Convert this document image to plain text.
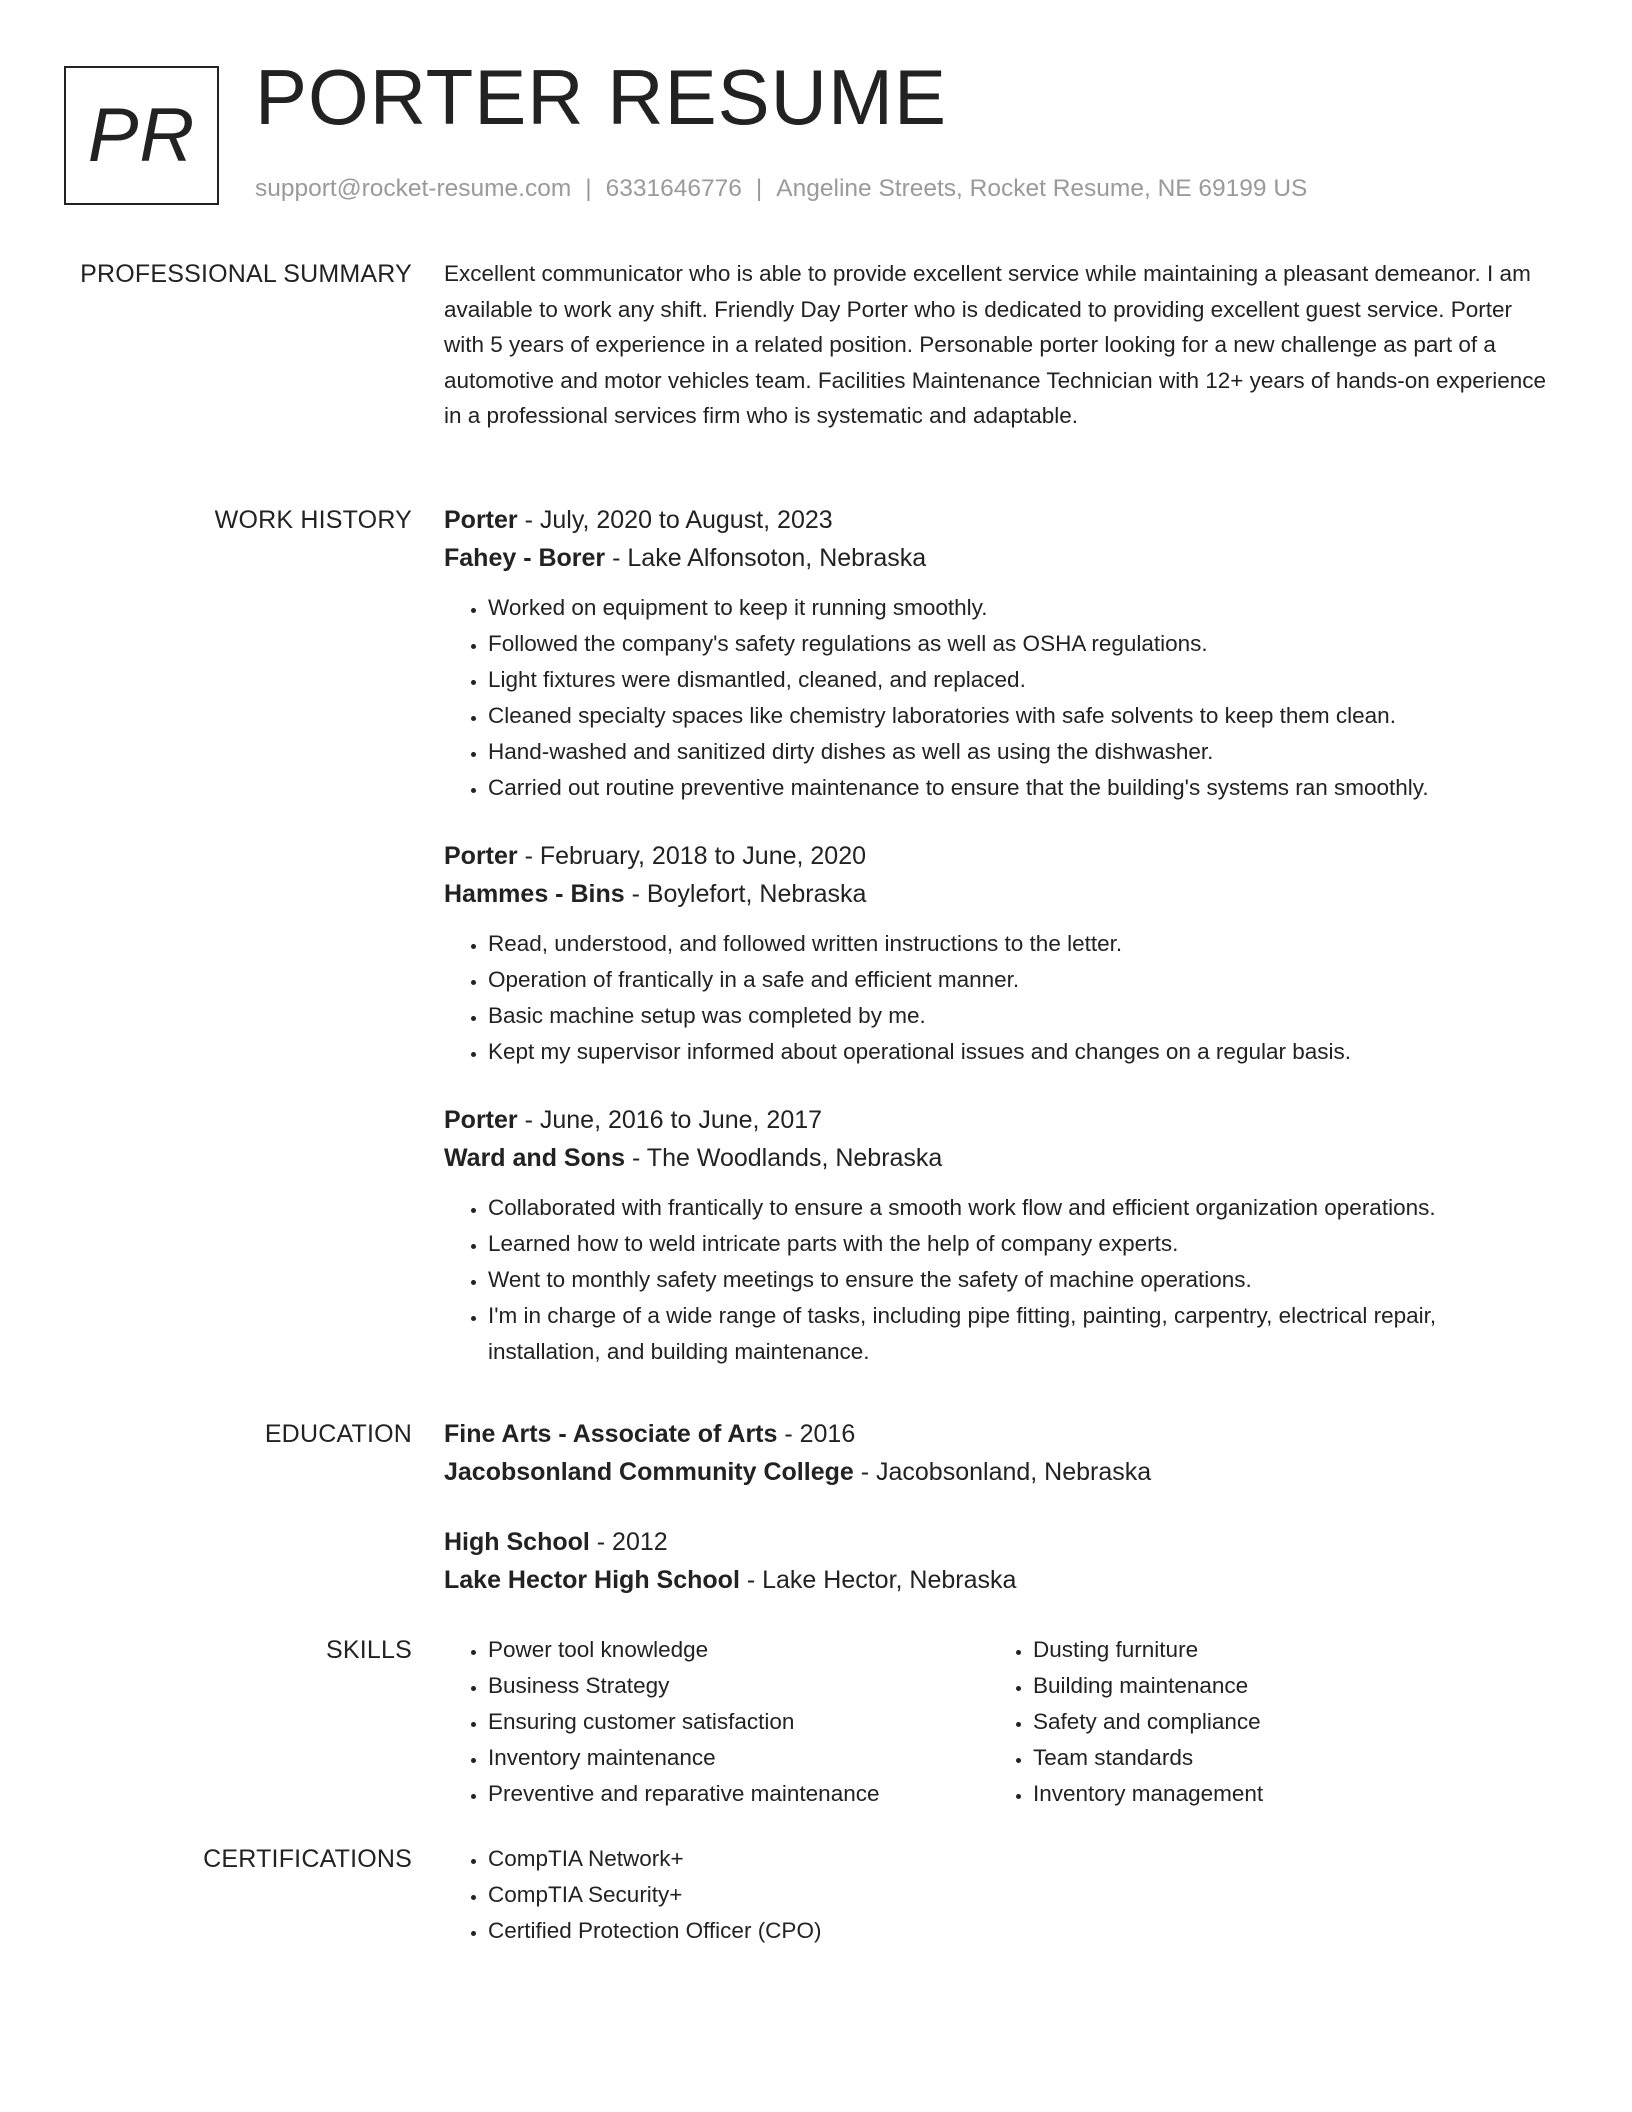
PR PORTER RESUME
support@rocket-resume.com | 6331646776 | Angeline Streets, Rocket Resume, NE 69199 US
PROFESSIONAL SUMMARY Excellent communicator who is able to provide excellent service while maintaining a pleasant demeanor. I am available to work any shift. Friendly Day Porter who is dedicated to providing excellent guest service. Porter with 5 years of experience in a related position. Personable porter looking for a new challenge as part of a automotive and motor vehicles team. Facilities Maintenance Technician with 12+ years of hands-on experience in a professional services firm who is systematic and adaptable.

WORK HISTORY Porter - July, 2020 to August, 2023
Fahey - Borer - Lake Alfonsoton, Nebraska
• Worked on equipment to keep it running smoothly.
• Followed the company's safety regulations as well as OSHA regulations.
• Light fixtures were dismantled, cleaned, and replaced.
• Cleaned specialty spaces like chemistry laboratories with safe solvents to keep them clean.
• Hand-washed and sanitized dirty dishes as well as using the dishwasher.
• Carried out routine preventive maintenance to ensure that the building's systems ran smoothly.
Porter - February, 2018 to June, 2020
Hammes - Bins - Boylefort, Nebraska
• Read, understood, and followed written instructions to the letter.
• Operation of frantically in a safe and efficient manner.
• Basic machine setup was completed by me.
• Kept my supervisor informed about operational issues and changes on a regular basis.
Porter - June, 2016 to June, 2017
Ward and Sons - The Woodlands, Nebraska
• Collaborated with frantically to ensure a smooth work flow and efficient organization operations.
• Learned how to weld intricate parts with the help of company experts.
• Went to monthly safety meetings to ensure the safety of machine operations.
• I'm in charge of a wide range of tasks, including pipe fitting, painting, carpentry, electrical repair, installation, and building maintenance.
EDUCATION Fine Arts - Associate of Arts - 2016
Jacobsonland Community College - Jacobsonland, Nebraska
High School - 2012
Lake Hector High School - Lake Hector, Nebraska
SKILLS	• Power tool knowledge
• Business Strategy
• Ensuring customer satisfaction
• Inventory maintenance
• Preventive and reparative maintenance
• Dusting furniture
• Building maintenance
• Safety and compliance
• Team standards
• Inventory management
CERTIFICATIONS	• CompTIA Network+
• CompTIA Security+
• Certified Protection Officer (CPO)
